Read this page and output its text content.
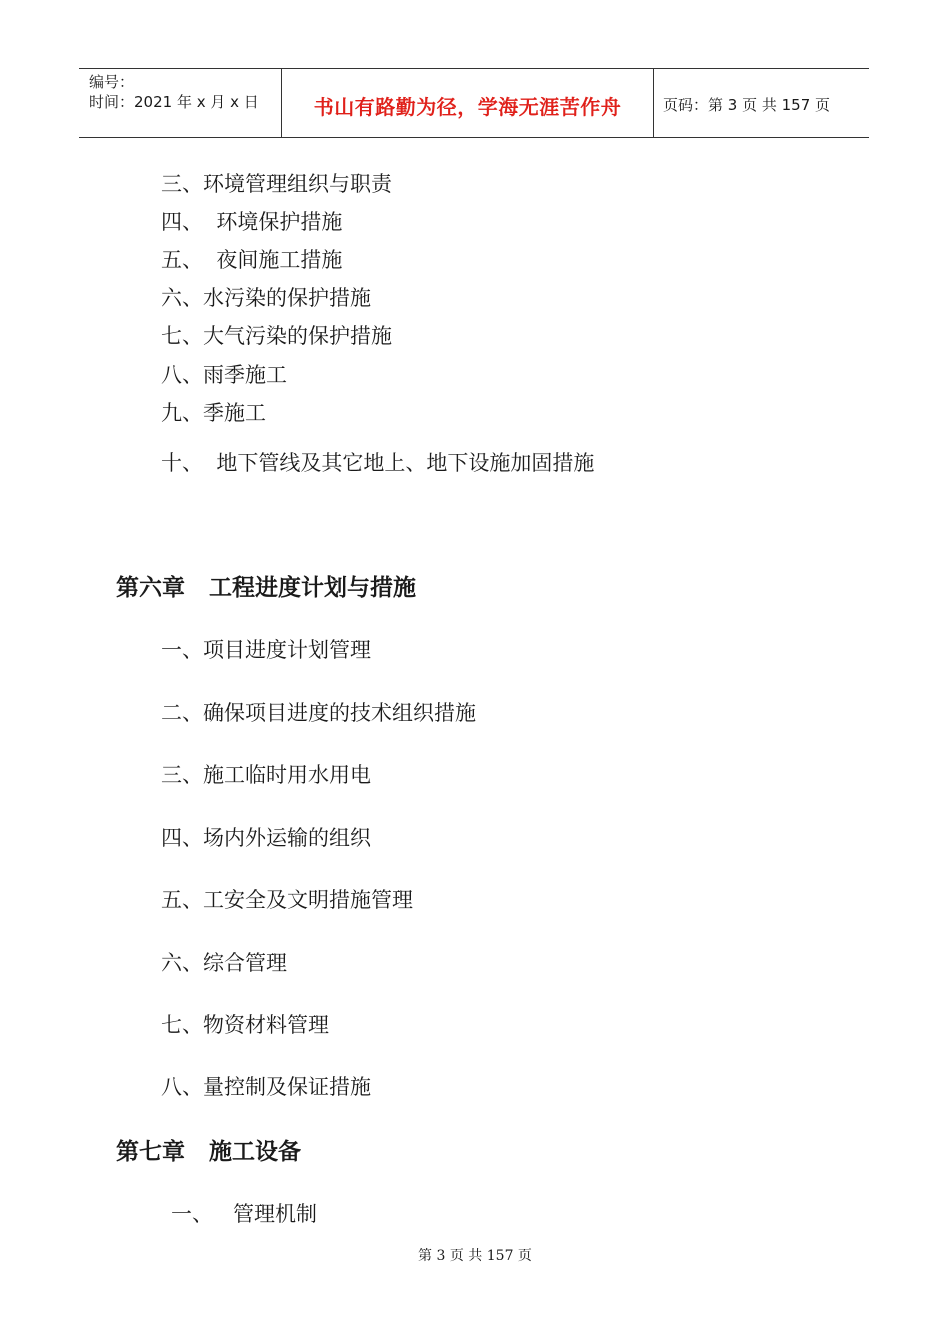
编号：
时间：2021 年 x 月 x 日	书山有路勤为径，学海无涯苦作舟	页码：第 3 页 共 157 页
三、环境管理组织与职责
四、  环境保护措施
五、  夜间施工措施
六、水污染的保护措施
七、大气污染的保护措施
八、雨季施工
九、季施工
十、  地下管线及其它地上、地下设施加固措施
第六章   工程进度计划与措施
一、项目进度计划管理
二、确保项目进度的技术组织措施
三、施工临时用水用电
四、场内外运输的组织
五、工安全及文明措施管理
六、综合管理
七、物资材料管理
八、量控制及保证措施
第七章   施工设备
一、   管理机制
第 3 页 共 157 页
